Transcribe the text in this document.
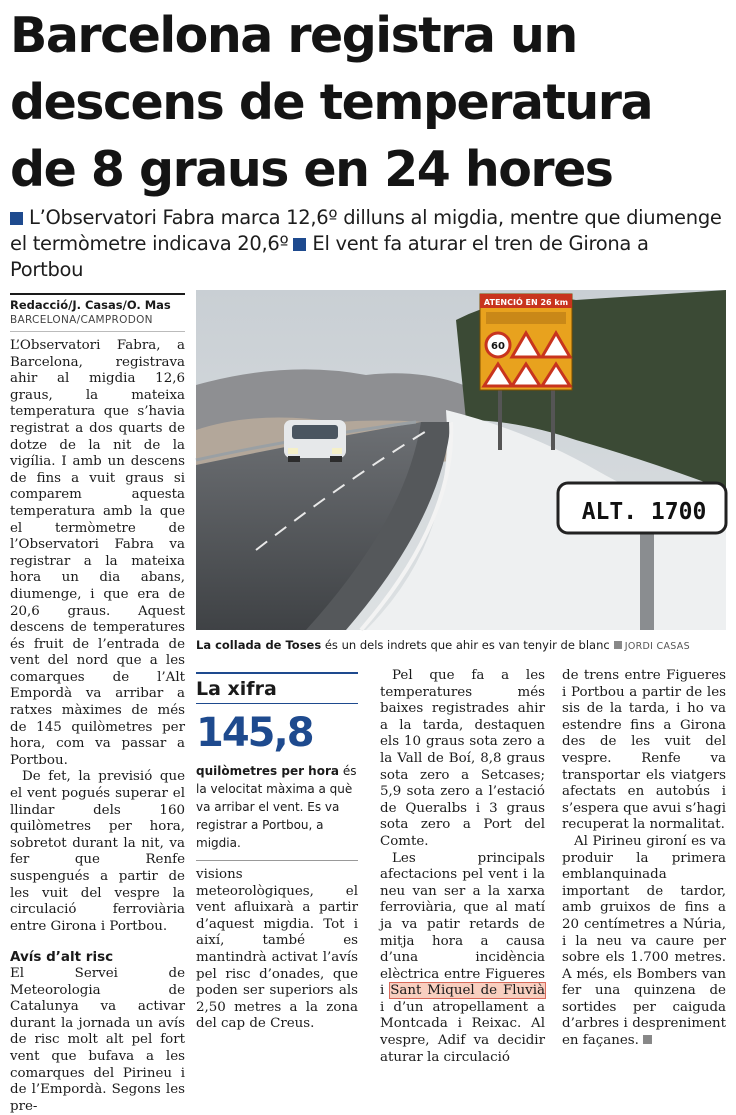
Barcelona registra un descens de temperatura de 8 graus en 24 hores
L’Observatori Fabra marca 12,6º dilluns al migdia, mentre que diumenge el termòmetre indicava 20,6º El vent fa aturar el tren de Girona a Portbou
Redacció/J. Casas/O. Mas
BARCELONA/CAMPRODON

L’Observatori Fabra, a Barcelona, registrava ahir al migdia 12,6 graus, la mateixa temperatura que s’havia registrat a dos quarts de dotze de la nit de la vigília. I amb un descens de fins a vuit graus si comparem aquesta temperatura amb la que el termòmetre de l’Observatori Fabra va registrar a la mateixa hora un dia abans, diumenge, i que era de 20,6 graus. Aquest descens de temperatures és fruit de l’entrada de vent del nord que a les comarques de l’Alt Empordà va arribar a ratxes màximes de més de 145 quilòmetres per hora, com va passar a Portbou.

De fet, la previsió que el vent pogués superar el llindar dels 160 quilòmetres per hora, sobretot durant la nit, va fer que Renfe suspengués a partir de les vuit del vespre la circulació ferroviària entre Girona i Portbou.

Avís d’alt risc

El Servei de Meteorologia de Catalunya va activar durant la jornada un avís de risc molt alt pel fort vent que bufava a les comarques del Pirineu i de l’Empordà. Segons les pre-

ATENCIÓ EN 26 km
60
ALT. 1700
La collada de Toses és un dels indrets que ahir es van tenyir de blanc JORDI CASAS
La xifra
145,8
quilòmetres per hora és la velocitat màxima a què va arribar el vent. Es va registrar a Portbou, a migdia.

visions meteorològiques, el vent afluixarà a partir d’aquest migdia. Tot i així, també es mantindrà activat l’avís pel risc d’onades, que poden ser superiors als 2,50 metres a la zona del cap de Creus.

Pel que fa a les temperatures més baixes registrades ahir a la tarda, destaquen els 10 graus sota zero a la Vall de Boí, 8,8 graus sota zero a Setcases; 5,9 sota zero a l’estació de Queralbs i 3 graus sota zero a Port del Comte.

Les principals afectacions pel vent i la neu van ser a la xarxa ferroviària, que al matí ja va patir retards de mitja hora a causa d’una incidència elèctrica entre Figueres i Sant Miquel de Fluvià i d’un atropellament a Montcada i Reixac. Al vespre, Adif va decidir aturar la circulació

de trens entre Figueres i Portbou a partir de les sis de la tarda, i ho va estendre fins a Girona des de les vuit del vespre. Renfe va transportar els viatgers afectats en autobús i s’espera que avui s’hagi recuperat la normalitat.

Al Pirineu gironí es va produir la primera emblanquinada important de tardor, amb gruixos de fins a 20 centímetres a Núria, i la neu va caure per sobre els 1.700 metres. A més, els Bombers van fer una quinzena de sortides per caiguda d’arbres i despreniment en façanes.
